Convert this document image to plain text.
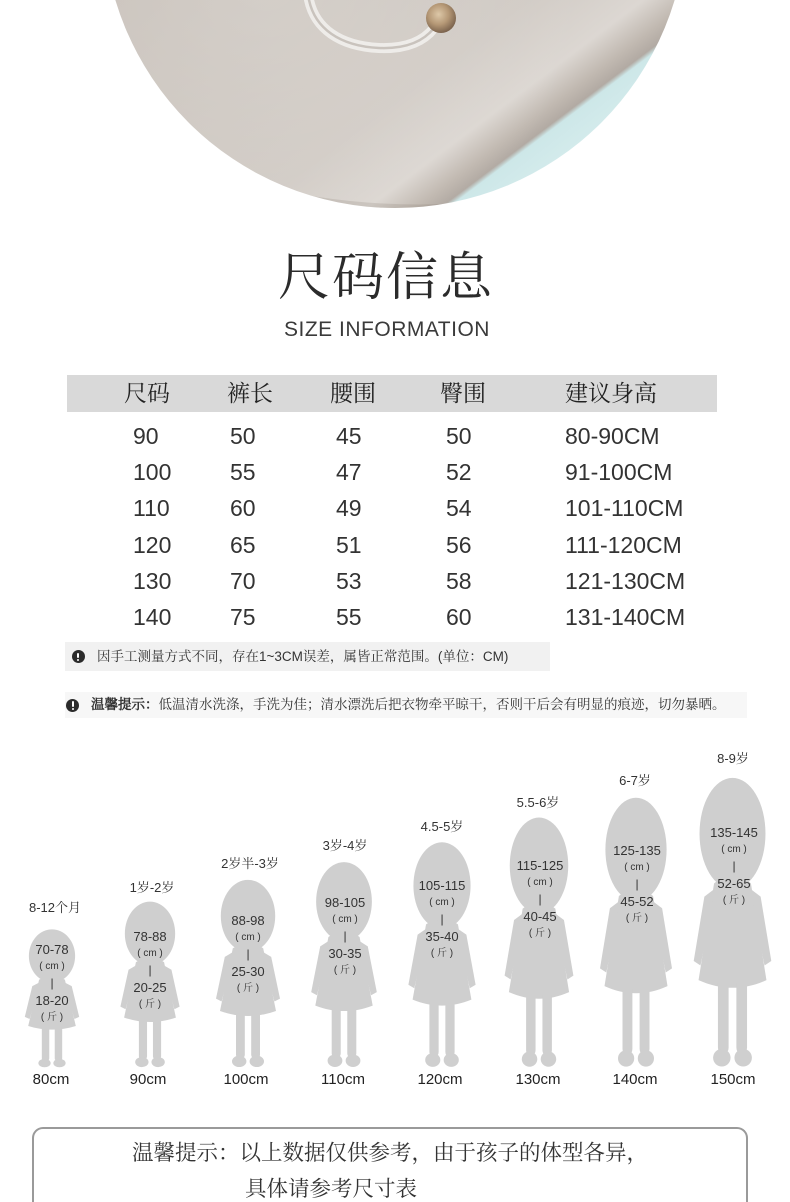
尺码信息
SIZE INFORMATION
尺码 裤长 腰围	臀围	建议身高
90	50	45	50	80-90CM
100	55	47	52	91-100CM
110	60	49	54	101-110CM
120	65	51	56	111-120CM
130	70	53	58	121-130CM
140	75	55	60	131-140CM
因手工测量方式不同，存在1~3CM误差，属皆正常范围。(单位：CM)
温馨提示：低温清水洗涤，手洗为佳；清水漂洗后把衣物牵平晾干，否则干后会有明显的痕迹，切勿暴晒。
8-12个月
70-78
( cm )
|
18-20
( 斤 )
80cm
1岁-2岁
78-88
( cm )
|
20-25
( 斤 )
90cm
2岁半-3岁
88-98
( cm )
|
25-30
( 斤 )
100cm
3岁-4岁
98-105
( cm )
|
30-35
( 斤 )
110cm
4.5-5岁
105-115
( cm )
|
35-40
( 斤 )
120cm
5.5-6岁
115-125
( cm )
|
40-45
( 斤 )
130cm
6-7岁
125-135
( cm )
|
45-52
( 斤 )
140cm
8-9岁
135-145
( cm )
|
52-65
( 斤 )
150cm
温馨提示：以上数据仅供参考，由于孩子的体型各异，
具体请参考尺寸表
